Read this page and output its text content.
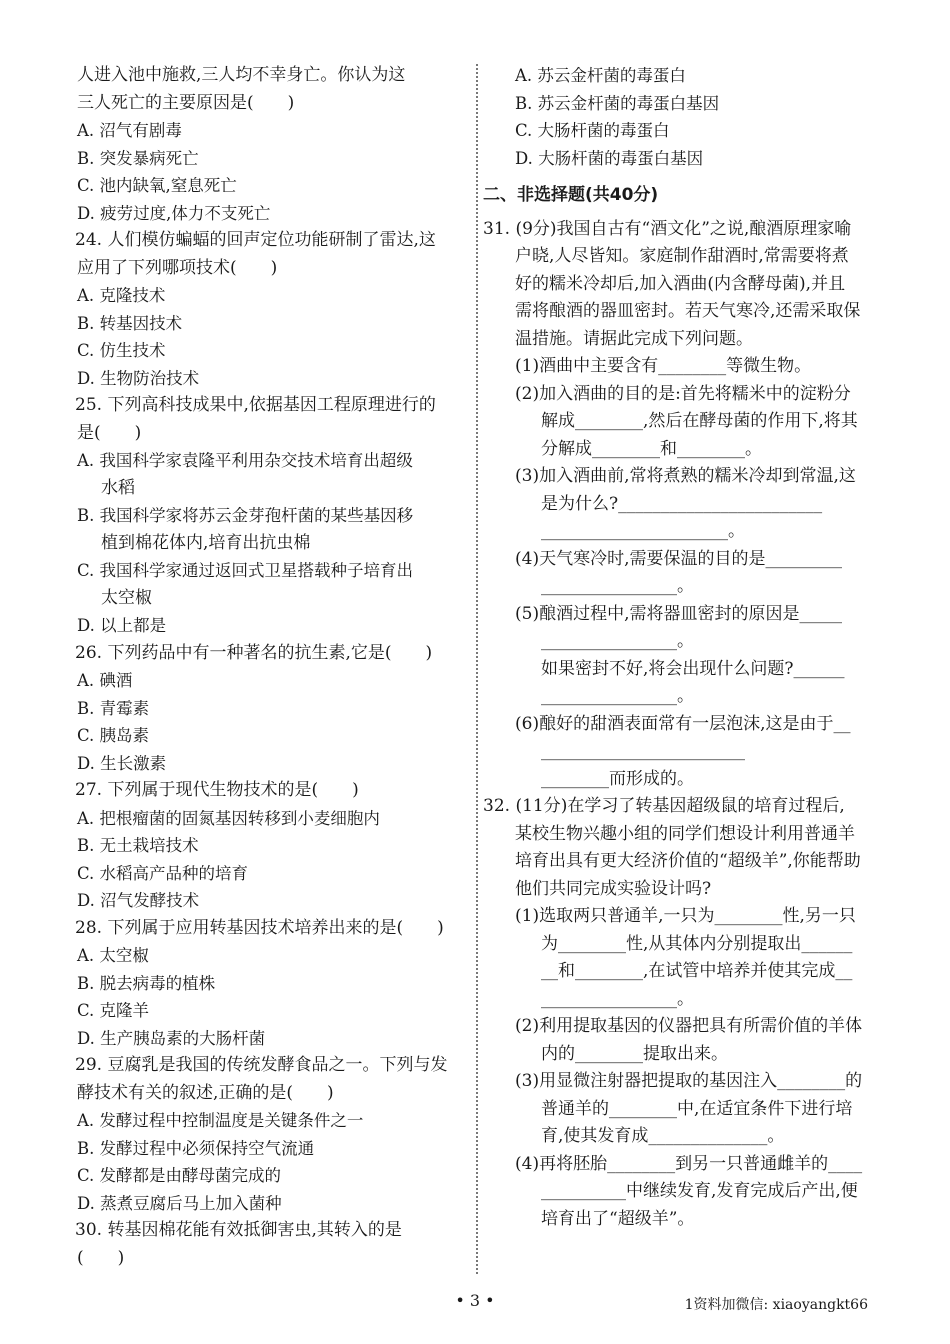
人进入池中施救,三人均不幸身亡。你认为这
三人死亡的主要原因是(　　)
A. 沼气有剧毒
B. 突发暴病死亡
C. 池内缺氧,窒息死亡
D. 疲劳过度,体力不支死亡
24. 人们模仿蝙蝠的回声定位功能研制了雷达,这
应用了下列哪项技术(　　)
A. 克隆技术
B. 转基因技术
C. 仿生技术
D. 生物防治技术
25. 下列高科技成果中,依据基因工程原理进行的
是(　　)
A. 我国科学家袁隆平利用杂交技术培育出超级
水稻
B. 我国科学家将苏云金芽孢杆菌的某些基因移
植到棉花体内,培育出抗虫棉
C. 我国科学家通过返回式卫星搭载种子培育出
太空椒
D. 以上都是
26. 下列药品中有一种著名的抗生素,它是(　　)
A. 碘酒
B. 青霉素
C. 胰岛素
D. 生长激素
27. 下列属于现代生物技术的是(　　)
A. 把根瘤菌的固氮基因转移到小麦细胞内
B. 无土栽培技术
C. 水稻高产品种的培育
D. 沼气发酵技术
28. 下列属于应用转基因技术培养出来的是(　　)
A. 太空椒
B. 脱去病毒的植株
C. 克隆羊
D. 生产胰岛素的大肠杆菌
29. 豆腐乳是我国的传统发酵食品之一。下列与发
酵技术有关的叙述,正确的是(　　)
A. 发酵过程中控制温度是关键条件之一
B. 发酵过程中必须保持空气流通
C. 发酵都是由酵母菌完成的
D. 蒸煮豆腐后马上加入菌种
30. 转基因棉花能有效抵御害虫,其转入的是
(　　)
A. 苏云金杆菌的毒蛋白
B. 苏云金杆菌的毒蛋白基因
C. 大肠杆菌的毒蛋白
D. 大肠杆菌的毒蛋白基因
二、非选择题(共40分)
31. (9分)我国自古有“酒文化”之说,酿酒原理家喻
户晓,人尽皆知。家庭制作甜酒时,常需要将煮
好的糯米冷却后,加入酒曲(内含酵母菌),并且
需将酿酒的器皿密封。若天气寒冷,还需采取保
温措施。请据此完成下列问题。
(1)酒曲中主要含有________等微生物。
(2)加入酒曲的目的是:首先将糯米中的淀粉分
解成________,然后在酵母菌的作用下,将其
分解成________和________。
(3)加入酒曲前,常将煮熟的糯米冷却到常温,这
是为什么?________________________
______________________。
(4)天气寒冷时,需要保温的目的是_________
________________。
(5)酿酒过程中,需将器皿密封的原因是_____
________________。
如果密封不好,将会出现什么问题?______
________________。
(6)酿好的甜酒表面常有一层泡沫,这是由于__
________________________
________而形成的。
32. (11分)在学习了转基因超级鼠的培育过程后,
某校生物兴趣小组的同学们想设计利用普通羊
培育出具有更大经济价值的“超级羊”,你能帮助
他们共同完成实验设计吗?
(1)选取两只普通羊,一只为________性,另一只
为________性,从其体内分别提取出______
__和________,在试管中培养并使其完成__
________________。
(2)利用提取基因的仪器把具有所需价值的羊体
内的________提取出来。
(3)用显微注射器把提取的基因注入________的
普通羊的________中,在适宜条件下进行培
育,使其发育成______________。
(4)再将胚胎________到另一只普通雌羊的____
__________中继续发育,发育完成后产出,便
培育出了“超级羊”。
• 3 •	1资料加微信: xiaoyangkt66
